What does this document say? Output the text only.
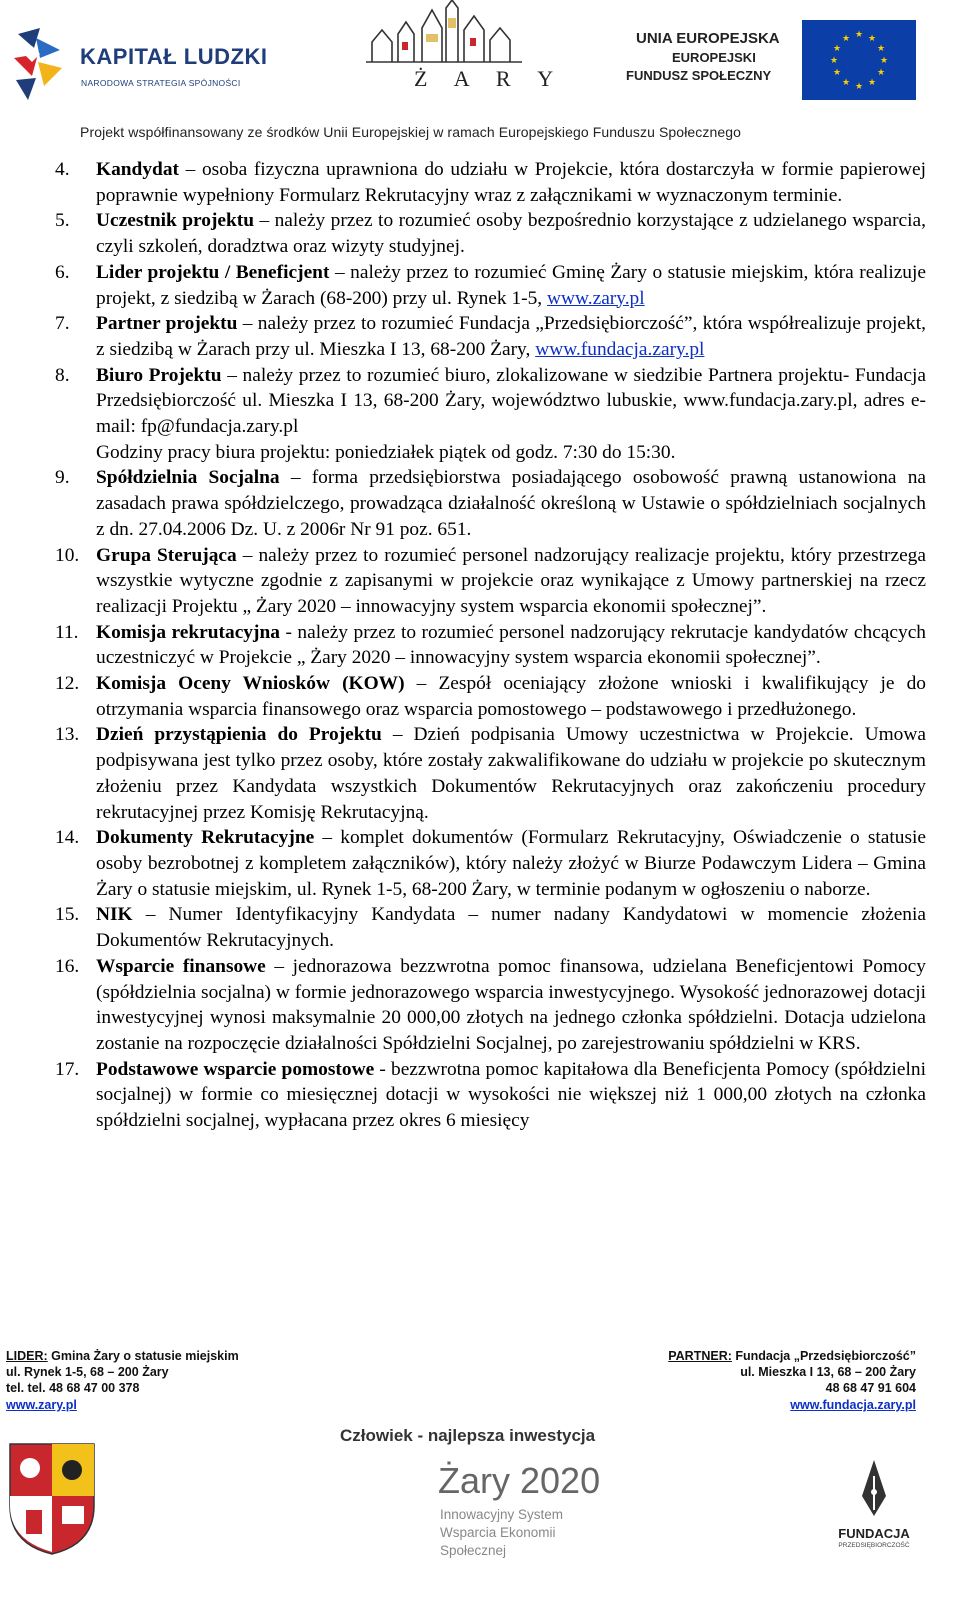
KAPITAŁ LUDZKI
NARODOWA STRATEGIA SPÓJNOŚCI	Ż A R Y
UNIA EUROPEJSKA
EUROPEJSKI
FUNDUSZ SPOŁECZNY
★ ★
★
★
★
★
★
★
★
★
★
★
Projekt współfinansowany ze środków Unii Europejskiej w ramach Europejskiego Funduszu Społecznego
4.	Kandydat – osoba fizyczna uprawniona do udziału w Projekcie, która dostarczyła w formie papierowej poprawnie wypełniony Formularz Rekrutacyjny wraz z załącznikami w wyznaczonym terminie.
5.	Uczestnik projektu – należy przez to rozumieć osoby bezpośrednio korzystające z udzielanego wsparcia, czyli szkoleń, doradztwa oraz wizyty studyjnej.
6.	Lider projektu / Beneficjent – należy przez to rozumieć Gminę Żary o statusie miejskim, która realizuje projekt, z siedzibą w Żarach (68-200) przy ul. Rynek 1-5, www.zary.pl
7.	Partner projektu – należy przez to rozumieć Fundacja „Przedsiębiorczość”, która współrealizuje projekt, z siedzibą w Żarach przy ul. Mieszka I 13, 68-200 Żary, www.fundacja.zary.pl
8.	Biuro Projektu – należy przez to rozumieć biuro, zlokalizowane w siedzibie Partnera projektu- Fundacja Przedsiębiorczość ul. Mieszka I 13, 68-200 Żary, województwo lubuskie, www.fundacja.zary.pl, adres e-mail: fp@fundacja.zary.pl
Godziny pracy biura projektu: poniedziałek piątek od godz. 7:30 do 15:30.
9.	Spółdzielnia Socjalna – forma przedsiębiorstwa posiadającego osobowość prawną ustanowiona na zasadach prawa spółdzielczego, prowadząca działalność określoną w Ustawie o spółdzielniach socjalnych z dn. 27.04.2006 Dz. U. z 2006r Nr 91 poz. 651.
10. Grupa Sterująca – należy przez to rozumieć personel nadzorujący realizacje projektu, który przestrzega wszystkie wytyczne zgodnie z zapisanymi w projekcie oraz wynikające z Umowy partnerskiej na rzecz realizacji Projektu „ Żary 2020 – innowacyjny system wsparcia ekonomii społecznej”.
11. Komisja rekrutacyjna - należy przez to rozumieć personel nadzorujący rekrutacje kandydatów chcących uczestniczyć w Projekcie „ Żary 2020 – innowacyjny system wsparcia ekonomii społecznej”.
12. Komisja Oceny Wniosków (KOW) – Zespół oceniający złożone wnioski i kwalifikujący je do otrzymania wsparcia finansowego oraz wsparcia pomostowego – podstawowego i przedłużonego.
13. Dzień przystąpienia do Projektu – Dzień podpisania Umowy uczestnictwa w Projekcie. Umowa podpisywana jest tylko przez osoby, które zostały zakwalifikowane do udziału w projekcie po skutecznym złożeniu przez Kandydata wszystkich Dokumentów Rekrutacyjnych oraz zakończeniu procedury rekrutacyjnej przez Komisję Rekrutacyjną.
14. Dokumenty Rekrutacyjne – komplet dokumentów (Formularz Rekrutacyjny, Oświadczenie o statusie osoby bezrobotnej z kompletem załączników), który należy złożyć w Biurze Podawczym Lidera – Gmina Żary o statusie miejskim, ul. Rynek 1-5, 68-200 Żary, w terminie podanym w ogłoszeniu o naborze.
15. NIK – Numer Identyfikacyjny Kandydata – numer nadany Kandydatowi w momencie złożenia Dokumentów Rekrutacyjnych.
16. Wsparcie finansowe – jednorazowa bezzwrotna pomoc finansowa, udzielana Beneficjentowi Pomocy (spółdzielnia socjalna) w formie jednorazowego wsparcia inwestycyjnego. Wysokość jednorazowej dotacji inwestycyjnej wynosi maksymalnie 20 000,00 złotych na jednego członka spółdzielni. Dotacja udzielona zostanie na rozpoczęcie działalności Spółdzielni Socjalnej, po zarejestrowaniu spółdzielni w KRS.
17. Podstawowe wsparcie pomostowe - bezzwrotna pomoc kapitałowa dla Beneficjenta Pomocy (spółdzielni socjalnej) w formie co miesięcznej dotacji w wysokości nie większej niż 1 000,00 złotych na członka spółdzielni socjalnej, wypłacana przez okres 6 miesięcy
LIDER: Gmina Żary o statusie miejskim
ul. Rynek 1-5, 68 – 200 Żary
tel. tel. 48 68 47 00 378
www.zary.pl
PARTNER: Fundacja „Przedsiębiorczość”
ul. Mieszka I 13, 68 – 200 Żary
48 68 47 91 604
www.fundacja.zary.pl
Człowiek - najlepsza inwestycja
Żary 2020
Innowacyjny System
Wsparcia Ekonomii
Społecznej
FUNDACJA
PRZEDSIĘBIORCZOŚĆ
